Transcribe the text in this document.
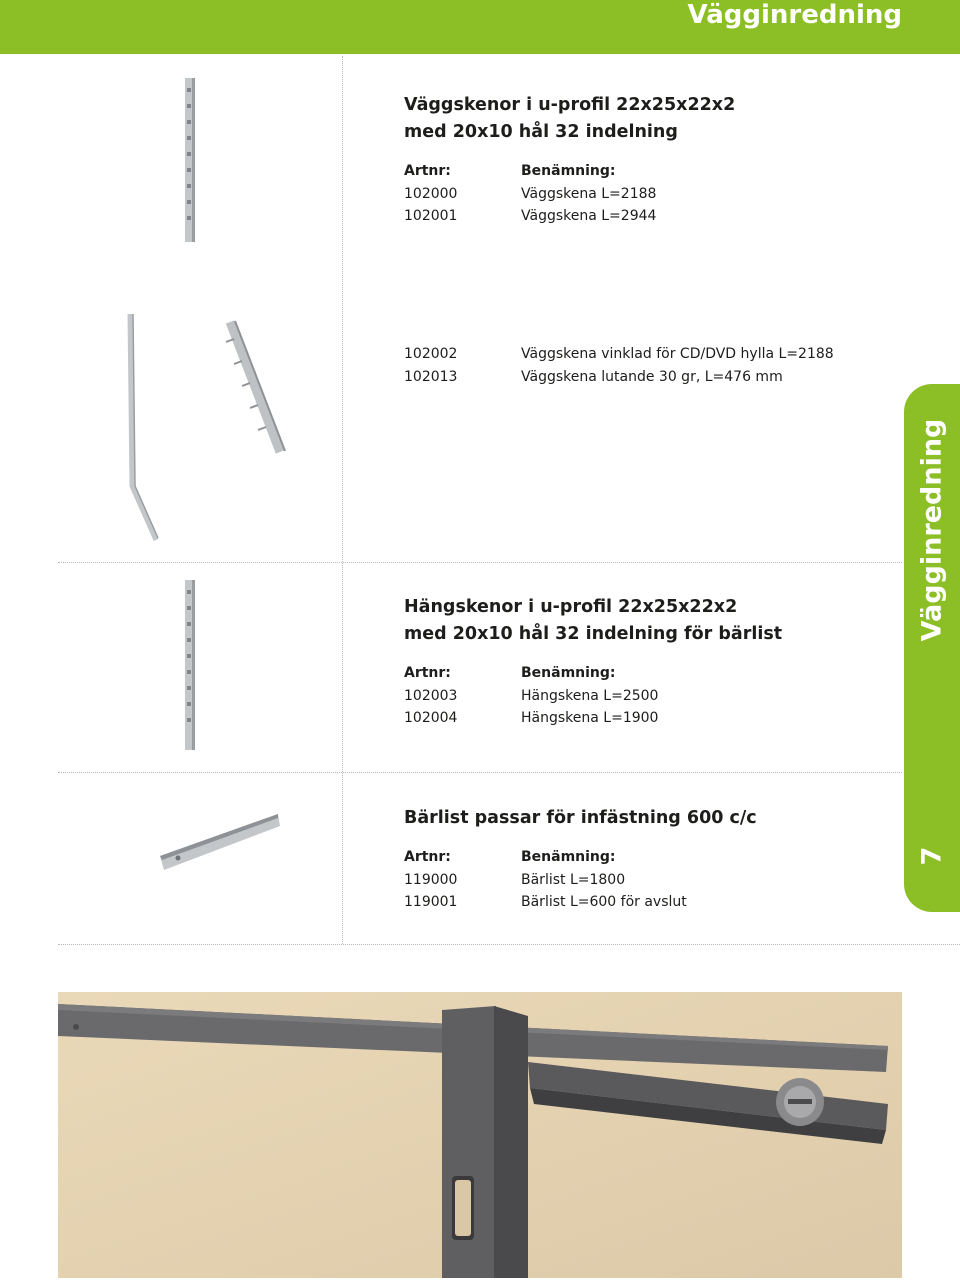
Vägginredning
Vägginredning
7
Väggskenor i u-profil 22x25x22x2
med 20x10 hål 32 indelning
Artnr:	Benämning:
102000	Väggskena L=2188
102001	Väggskena L=2944
102002	Väggskena vinklad för CD/DVD hylla L=2188
102013	Väggskena lutande 30 gr, L=476 mm
Hängskenor i u-profil 22x25x22x2
med 20x10 hål 32 indelning för bärlist
Artnr:	Benämning:
102003	Hängskena L=2500
102004	Hängskena L=1900
Bärlist passar för infästning 600 c/c
Artnr:	Benämning:
119000	Bärlist L=1800
119001	Bärlist L=600 för avslut
